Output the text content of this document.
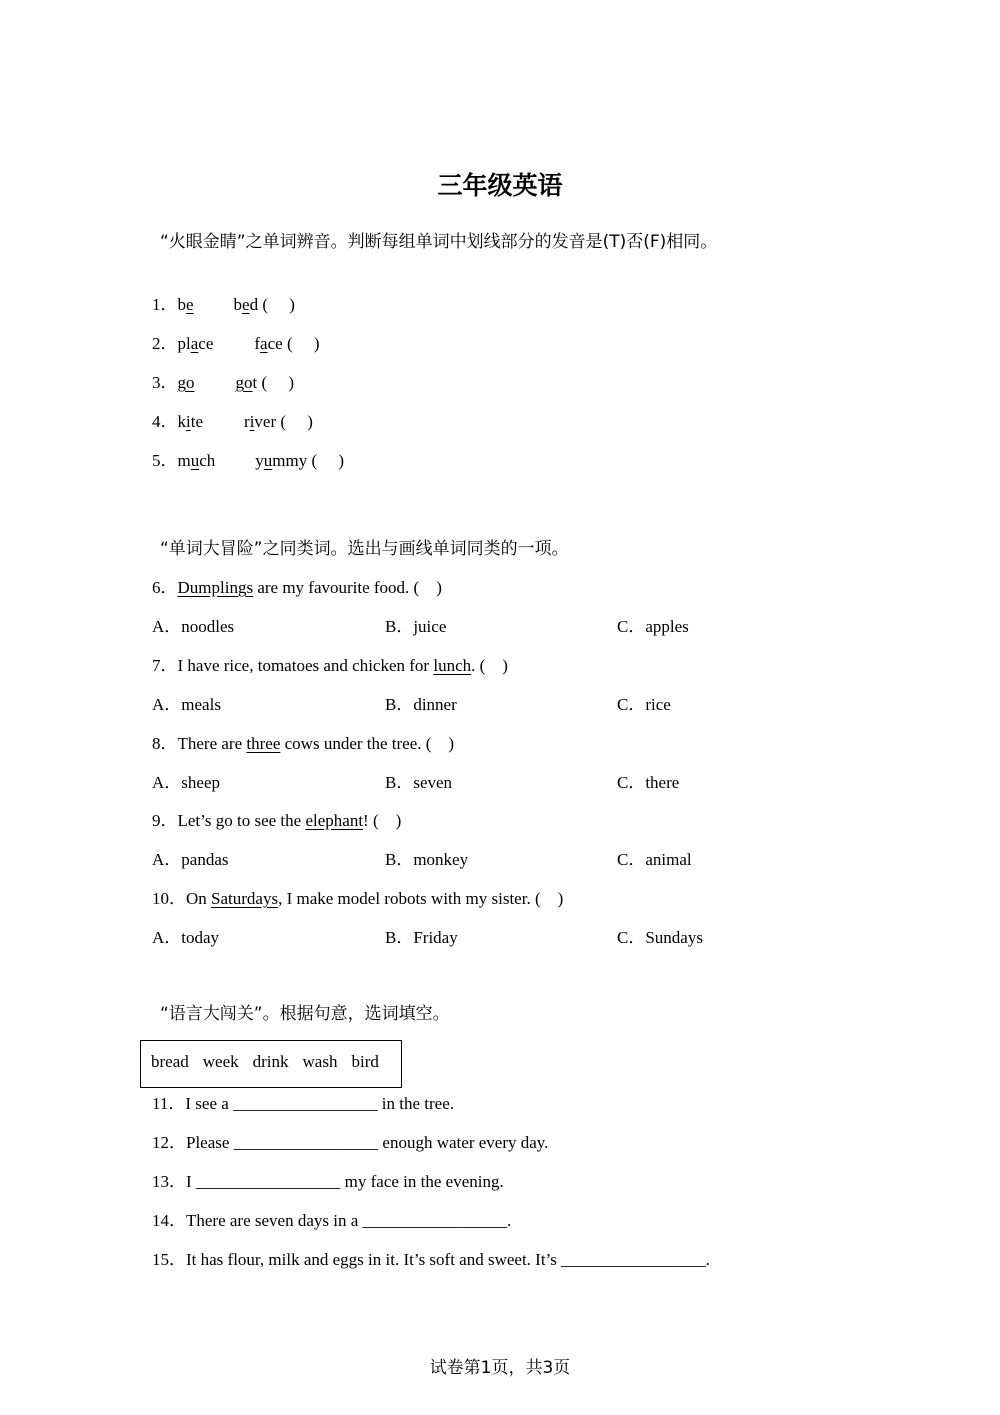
三年级英语
“火眼金睛”之单词辨音。判断每组单词中划线部分的发音是(T)否(F)相同。

1．be bed (　 )

2．place face (　 )

3．go got (　 )

4．kite river (　 )

5．much yummy (　 )

“单词大冒险”之同类词。选出与画线单词同类的一项。
6．Dumplings are my favourite food. (　)
A．noodles	B．juice	C．apples
7．I have rice, tomatoes and chicken for lunch. (　)
A．meals	B．dinner	C．rice
8．There are three cows under the tree. (　)
A．sheep	B．seven	C．there
9．Let’s go to see the elephant! (　)
A．pandas	B．monkey	C．animal
10．On Saturdays, I make model robots with my sister. (　)
A．today	B．Friday	C．Sundays
“语言大闯关”。根据句意，选词填空。
bread week drink wash bird
11．I see a _________________ in the tree.
12．Please _________________ enough water every day.
13．I _________________ my face in the evening.
14．There are seven days in a _________________.
15．It has flour, milk and eggs in it. It’s soft and sweet. It’s _________________.
试卷第1页，共3页
